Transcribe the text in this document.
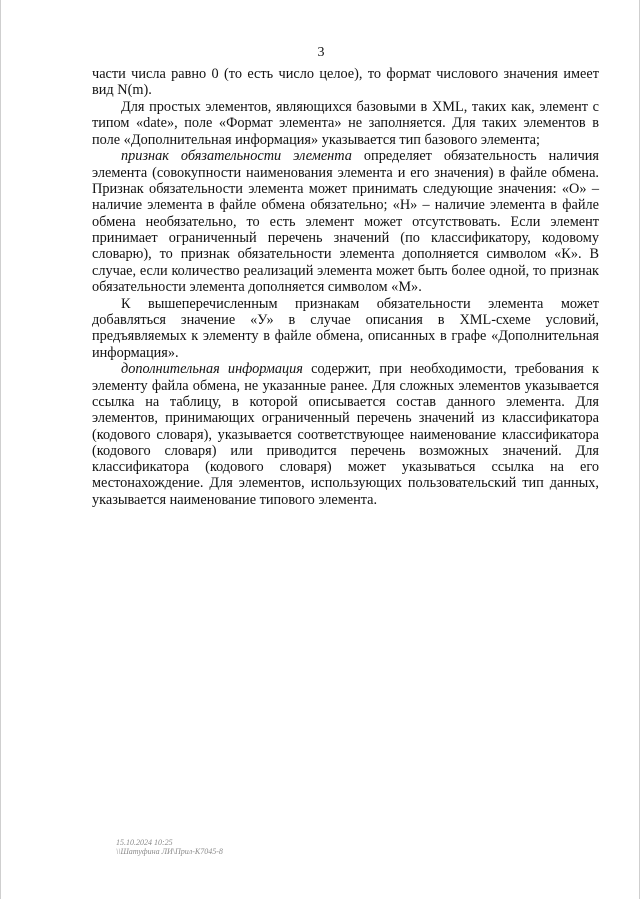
3

части числа равно 0 (то есть число целое), то формат числового значения имеет вид N(m).

Для простых элементов, являющихся базовыми в XML, таких как, элемент с типом «date», поле «Формат элемента» не заполняется. Для таких элементов в поле «Дополнительная информация» указывается тип базового элемента;

признак обязательности элемента определяет обязательность наличия элемента (совокупности наименования элемента и его значения) в файле обмена. Признак обязательности элемента может принимать следующие значения: «О» – наличие элемента в файле обмена обязательно; «Н» – наличие элемента в файле обмена необязательно, то есть элемент может отсутствовать. Если элемент принимает ограниченный перечень значений (по классификатору, кодовому словарю), то признак обязательности элемента дополняется символом «К». В случае, если количество реализаций элемента может быть более одной, то признак обязательности элемента дополняется символом «М».

К вышеперечисленным признакам обязательности элемента может добавляться значение «У» в случае описания в XML-схеме условий, предъявляемых к элементу в файле обмена, описанных в графе «Дополнительная информация».

дополнительная информация содержит, при необходимости, требования к элементу файла обмена, не указанные ранее. Для сложных элементов указывается ссылка на таблицу, в которой описывается состав данного элемента. Для элементов, принимающих ограниченный перечень значений из классификатора (кодового словаря), указывается соответствующее наименование классификатора (кодового словаря) или приводится перечень возможных значений. Для классификатора (кодового словаря) может указываться ссылка на его местонахождение. Для элементов, использующих пользовательский тип данных, указывается наименование типового элемента.

15.10.2024 10:25
\\Шатуфина ЛИ\Прил-К7045-8
